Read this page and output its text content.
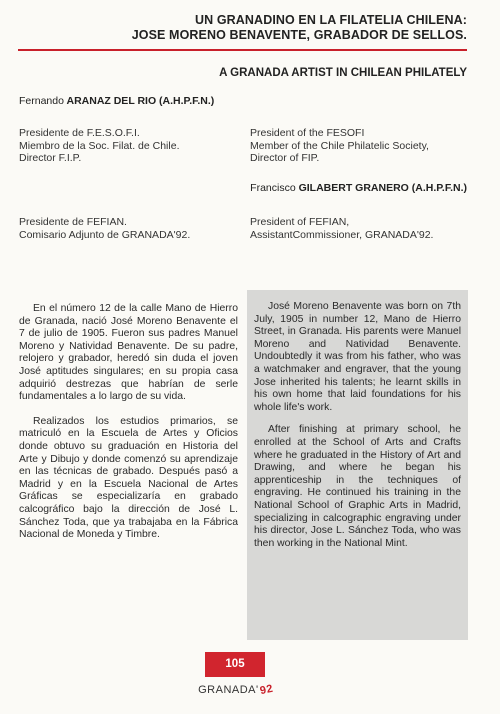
UN GRANADINO EN LA FILATELIA CHILENA:
JOSE MORENO BENAVENTE, GRABADOR DE SELLOS.
A GRANADA ARTIST IN CHILEAN PHILATELY
Fernando ARANAZ DEL RIO (A.H.P.F.N.)
Presidente de F.E.S.O.F.I.
Miembro de la Soc. Filat. de Chile.
Director F.I.P.
President of the FESOFI
Member of the Chile Philatelic Society,
Director of FIP.
Francisco GILABERT GRANERO (A.H.P.F.N.)
Presidente de FEFIAN.
Comisario Adjunto de GRANADA'92.
President of FEFIAN,
AssistantCommissioner, GRANADA'92.

En el número 12 de la calle Mano de Hierro de Granada, nació José Moreno Benavente el 7 de julio de 1905. Fueron sus padres Manuel Moreno y Natividad Benavente. De su padre, relojero y grabador, heredó sin duda el joven José aptitudes singulares; en su propia casa adquirió destrezas que habrían de serle fundamentales a lo largo de su vida.

Realizados los estudios primarios, se matriculó en la Escuela de Artes y Oficios donde obtuvo su graduación en Historia del Arte y Dibujo y donde comenzó su aprendizaje en las técnicas de grabado. Después pasó a Madrid y en la Escuela Nacional de Artes Gráficas se especializaría en grabado calcográfico bajo la dirección de José L. Sánchez Toda, que ya trabajaba en la Fábrica Nacional de Moneda y Timbre.

José Moreno Benavente was born on 7th July, 1905 in number 12, Mano de Hierro Street, in Granada. His parents were Manuel Moreno and Natividad Benavente. Undoubtedly it was from his father, who was a watchmaker and engraver, that the young Jose inherited his talents; he learnt skills in his own home that laid foundations for his whole life's work.

After finishing at primary school, he enrolled at the School of Arts and Crafts where he graduated in the History of Art and Drawing, and where he began his apprenticeship in the techniques of engraving. He continued his training in the National School of Graphic Arts in Madrid, specializing in calcographic engraving under his director, Jose L. Sánchez Toda, who was then working in the National Mint.

105
GRANADA'92
